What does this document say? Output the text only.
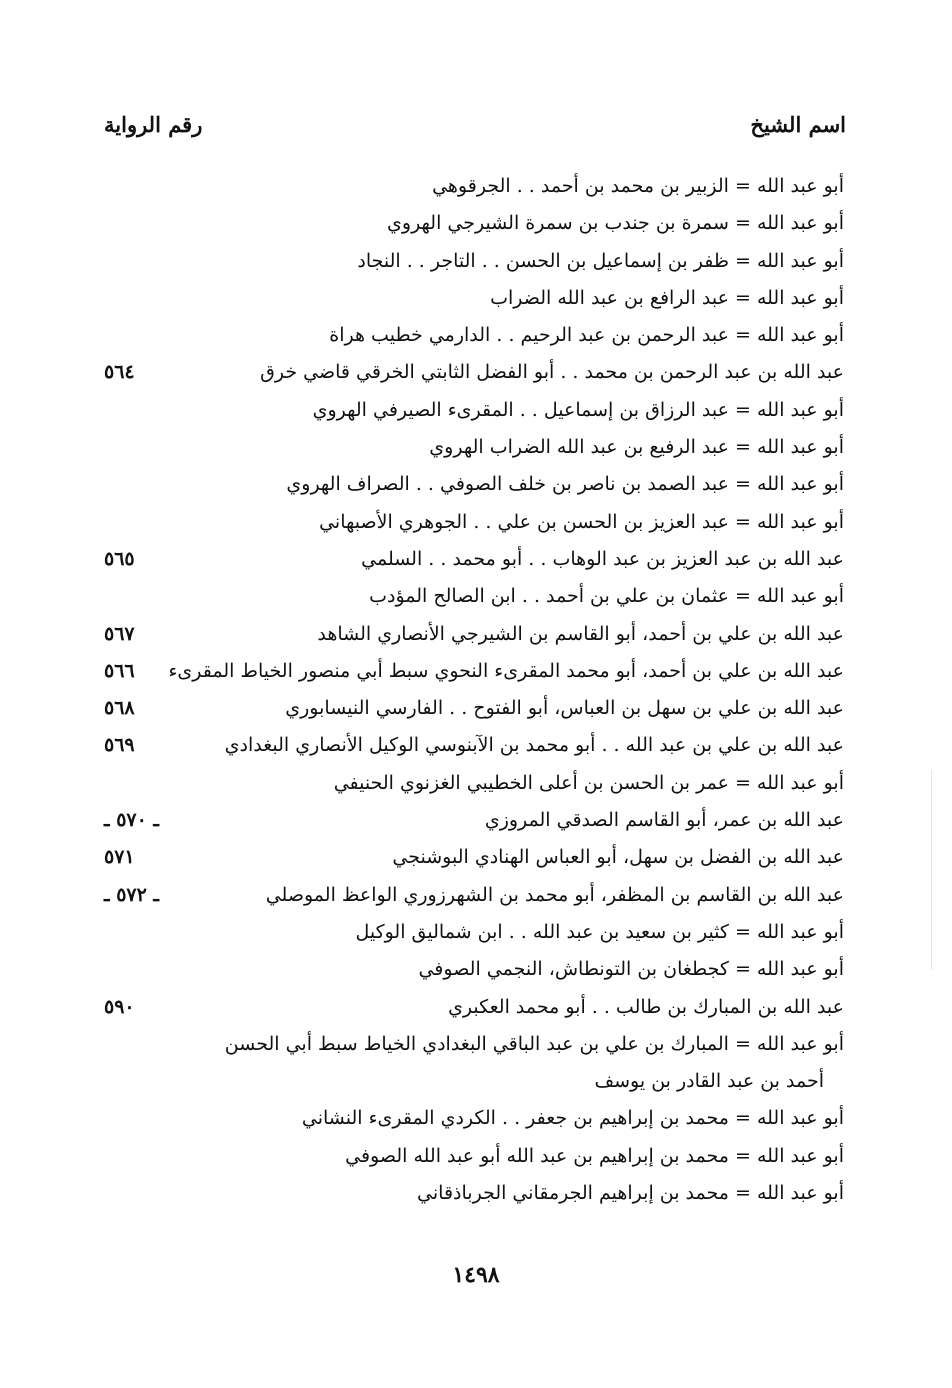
اسم الشيخ
رقم الرواية
أبو عبد الله = الزبير بن محمد بن أحمد . . الجرقوهي
أبو عبد الله = سمرة بن جندب بن سمرة الشيرجي الهروي
أبو عبد الله = ظفر بن إسماعيل بن الحسن . . التاجر . . النجاد
أبو عبد الله = عبد الرافع بن عبد الله الضراب
أبو عبد الله = عبد الرحمن بن عبد الرحيم . . الدارمي خطيب هراة
عبد الله بن عبد الرحمن بن محمد . . أبو الفضل الثابتي الخرقي قاضي خرق
٥٦٤
أبو عبد الله = عبد الرزاق بن إسماعيل . . المقرىء الصيرفي الهروي
أبو عبد الله = عبد الرفيع بن عبد الله الضراب الهروي
أبو عبد الله = عبد الصمد بن ناصر بن خلف الصوفي . . الصراف الهروي
أبو عبد الله = عبد العزيز بن الحسن بن علي . . الجوهري الأصبهاني
عبد الله بن عبد العزيز بن عبد الوهاب . . أبو محمد . . السلمي
٥٦٥
أبو عبد الله = عثمان بن علي بن أحمد . . ابن الصالح المؤدب
عبد الله بن علي بن أحمد، أبو القاسم بن الشيرجي الأنصاري الشاهد
٥٦٧
عبد الله بن علي بن أحمد، أبو محمد المقرىء النحوي سبط أبي منصور الخياط المقرىء
٥٦٦
عبد الله بن علي بن سهل بن العباس، أبو الفتوح . . الفارسي النيسابوري
٥٦٨
عبد الله بن علي بن عبد الله . . أبو محمد بن الآبنوسي الوكيل الأنصاري البغدادي
٥٦٩
أبو عبد الله = عمر بن الحسن بن أعلى الخطيبي الغزنوي الحنيفي
عبد الله بن عمر، أبو القاسم الصدقي المروزي
ـ ٥٧٠ ـ
عبد الله بن الفضل بن سهل، أبو العباس الهنادي البوشنجي
٥٧١
عبد الله بن القاسم بن المظفر، أبو محمد بن الشهرزوري الواعظ الموصلي
ـ ٥٧٢ ـ
أبو عبد الله = كثير بن سعيد بن عبد الله . . ابن شماليق الوكيل
أبو عبد الله = كجطغان بن التونطاش، النجمي الصوفي
عبد الله بن المبارك بن طالب . . أبو محمد العكبري
٥٩٠
أبو عبد الله = المبارك بن علي بن عبد الباقي البغدادي الخياط سبط أبي الحسن
أحمد بن عبد القادر بن يوسف
أبو عبد الله = محمد بن إبراهيم بن جعفر . . الكردي المقرىء النشاني
أبو عبد الله = محمد بن إبراهيم بن عبد الله أبو عبد الله الصوفي
أبو عبد الله = محمد بن إبراهيم الجرمقاني الجرباذقاني
١٤٩٨
